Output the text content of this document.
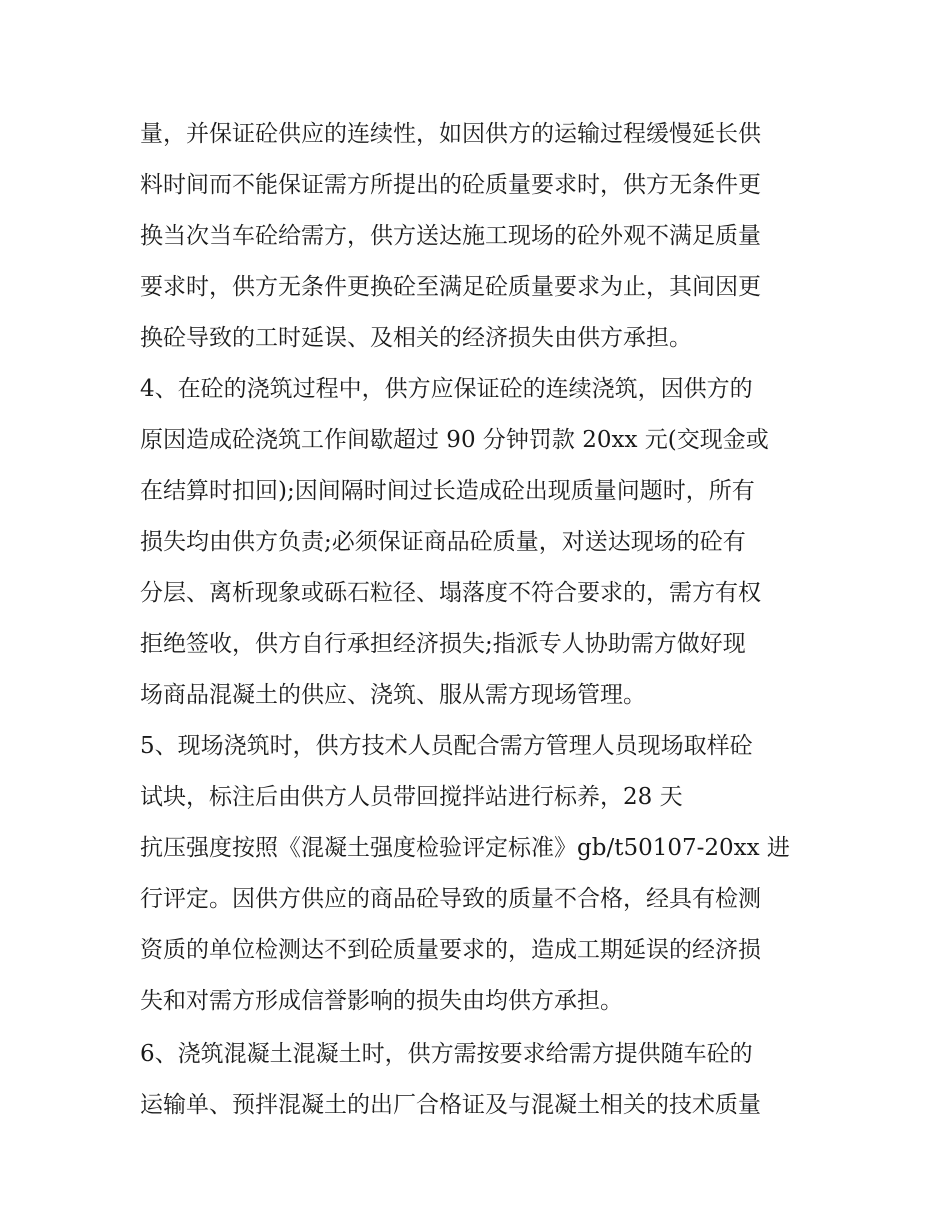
量，并保证砼供应的连续性，如因供方的运输过程缓慢延长供
料时间而不能保证需方所提出的砼质量要求时，供方无条件更
换当次当车砼给需方，供方送达施工现场的砼外观不满足质量
要求时，供方无条件更换砼至满足砼质量要求为止，其间因更
换砼导致的工时延误、及相关的经济损失由供方承担。
4、在砼的浇筑过程中，供方应保证砼的连续浇筑，因供方的
原因造成砼浇筑工作间歇超过 90 分钟罚款 20xx 元(交现金或
在结算时扣回);因间隔时间过长造成砼出现质量问题时，所有
损失均由供方负责;必须保证商品砼质量，对送达现场的砼有
分层、离析现象或砾石粒径、塌落度不符合要求的，需方有权
拒绝签收，供方自行承担经济损失;指派专人协助需方做好现
场商品混凝土的供应、浇筑、服从需方现场管理。
5、现场浇筑时，供方技术人员配合需方管理人员现场取样砼
试块，标注后由供方人员带回搅拌站进行标养，28 天
抗压强度按照《混凝土强度检验评定标准》gb/t50107-20xx 进
行评定。因供方供应的商品砼导致的质量不合格，经具有检测
资质的单位检测达不到砼质量要求的，造成工期延误的经济损
失和对需方形成信誉影响的损失由均供方承担。
6、浇筑混凝土混凝土时，供方需按要求给需方提供随车砼的
运输单、预拌混凝土的出厂合格证及与混凝土相关的技术质量
